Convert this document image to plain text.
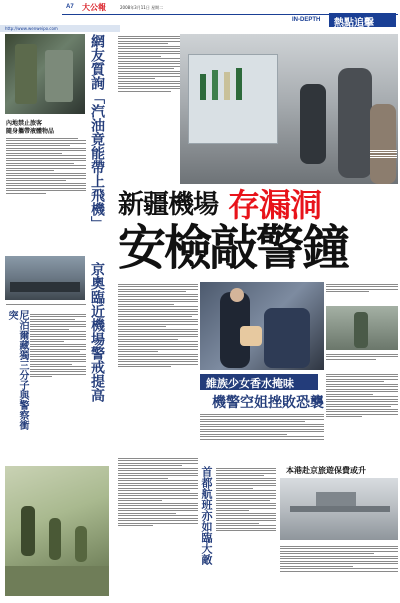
A7 大公報	2008年3月11日 星期二
IN-DEPTH 熱點追擊
http://www.wenweipo.com
內地禁止旅客
隨身攜帶液體物品
尼泊爾藏獨三分子與警察衝突
網友質詢「汽油竟能帶上飛機」
京奧臨近機場警戒提高
新疆機場 存漏洞
安檢敲警鐘
維族少女香水掩味
機警空姐挫敗恐襲
首都航班亦如臨大敵	本港赴京旅遊保費或升
